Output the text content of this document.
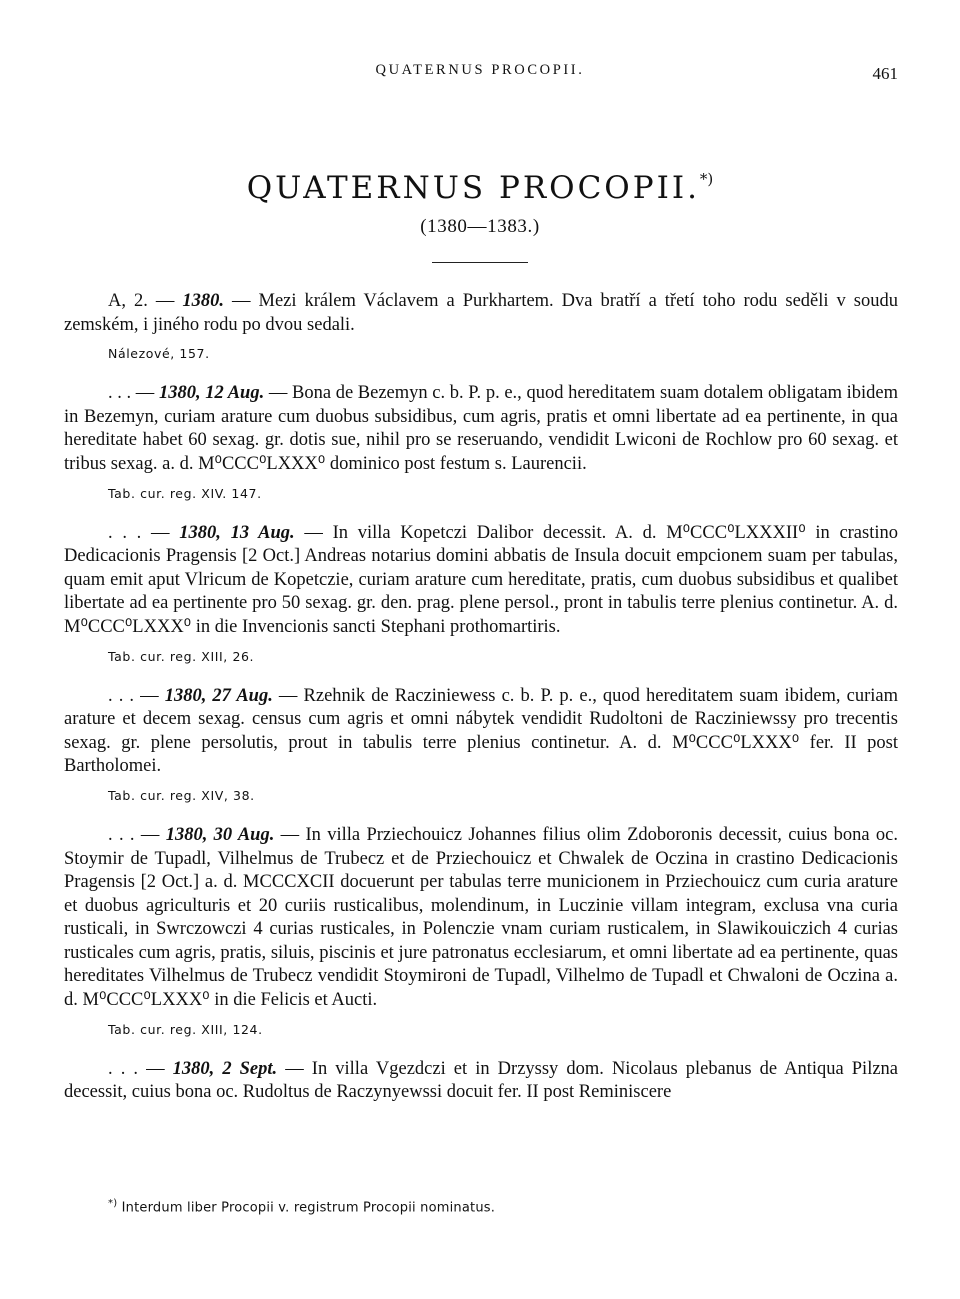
QUATERNUS PROCOPII.	461
QUATERNUS PROCOPII.*)
(1380—1383.)

A, 2. — 1380. — Mezi králem Václavem a Purkhartem. Dva bratří a třetí toho rodu seděli v soudu zemském, i jiného rodu po dvou sedali.

Nálezové, 157.

. . . — 1380, 12 Aug. — Bona de Bezemyn c. b. P. p. e., quod hereditatem suam dotalem obligatam ibidem in Bezemyn, curiam arature cum duobus subsidibus, cum agris, pratis et omni libertate ad ea pertinente, in qua hereditate habet 60 sexag. gr. dotis sue, nihil pro se reseruando, vendidit Lwiconi de Rochlow pro 60 sexag. et tribus sexag. a. d. M⁰CCC⁰LXXX⁰ dominico post festum s. Laurencii.

Tab. cur. reg. XIV. 147.

. . . — 1380, 13 Aug. — In villa Kopetczi Dalibor decessit. A. d. M⁰CCC⁰LXXXII⁰ in crastino Dedicacionis Pragensis [2 Oct.] Andreas notarius domini abbatis de Insula docuit empcionem suam per tabulas, quam emit aput Vlricum de Kopetczie, curiam arature cum hereditate, pratis, cum duobus subsidibus et qualibet libertate ad ea pertinente pro 50 sexag. gr. den. prag. plene persol., pront in tabulis terre plenius continetur. A. d. M⁰CCC⁰LXXX⁰ in die Invencionis sancti Stephani prothomartiris.

Tab. cur. reg. XIII, 26.

. . . — 1380, 27 Aug. — Rzehnik de Racziniewess c. b. P. p. e., quod hereditatem suam ibidem, curiam arature et decem sexag. census cum agris et omni nábytek vendidit Rudoltoni de Racziniewssy pro trecentis sexag. gr. plene persolutis, prout in tabulis terre plenius continetur. A. d. M⁰CCC⁰LXXX⁰ fer. II post Bartholomei.

Tab. cur. reg. XIV, 38.

. . . — 1380, 30 Aug. — In villa Prziechouicz Johannes filius olim Zdoboronis decessit, cuius bona oc. Stoymir de Tupadl, Vilhelmus de Trubecz et de Prziechouicz et Chwalek de Oczina in crastino Dedicacionis Pragensis [2 Oct.] a. d. MCCCXCII docuerunt per tabulas terre municionem in Prziechouicz cum curia arature et duobus agriculturis et 20 curiis rusticalibus, molendinum, in Luczinie villam integram, exclusa vna curia rusticali, in Swrczowczi 4 curias rusticales, in Polenczie vnam curiam rusticalem, in Slawikouiczich 4 curias rusticales cum agris, pratis, siluis, piscinis et jure patronatus ecclesiarum, et omni libertate ad ea pertinente, quas hereditates Vilhelmus de Trubecz vendidit Stoymironi de Tupadl, Vilhelmo de Tupadl et Chwaloni de Oczina a. d. M⁰CCC⁰LXXX⁰ in die Felicis et Aucti.

Tab. cur. reg. XIII, 124.

. . . — 1380, 2 Sept. — In villa Vgezdczi et in Drzyssy dom. Nicolaus plebanus de Antiqua Pilzna decessit, cuius bona oc. Rudoltus de Raczynyewssi docuit fer. II post Reminiscere

*) Interdum liber Procopii v. registrum Procopii nominatus.
